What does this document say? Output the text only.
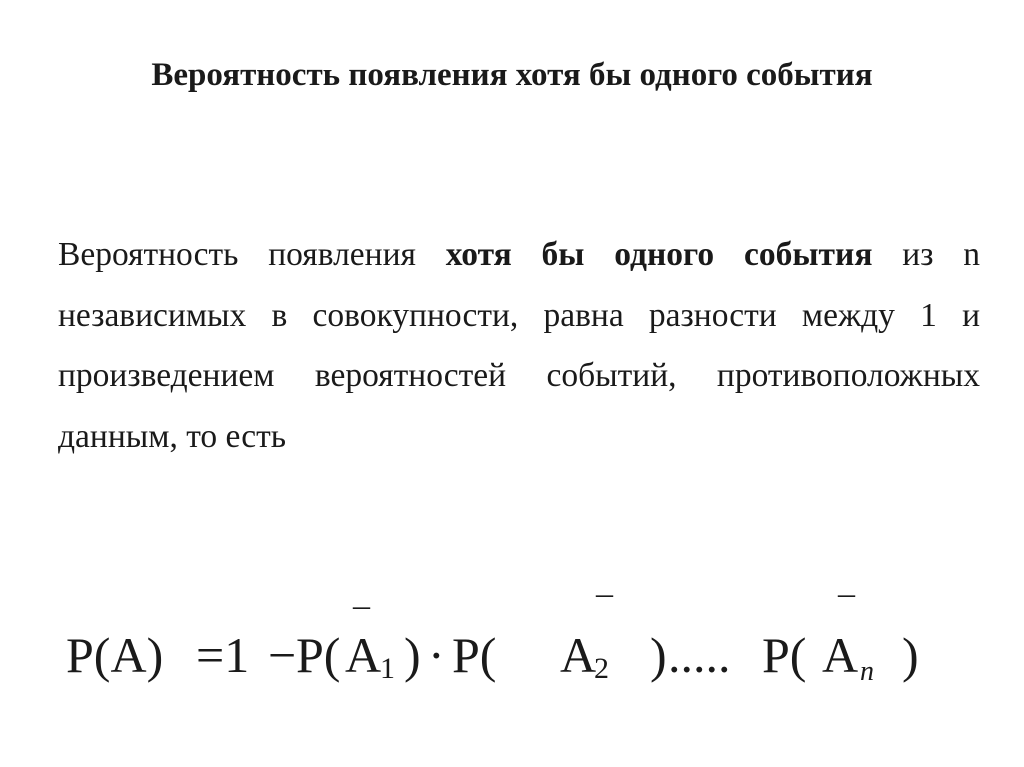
Вероятность появления хотя бы одного события

Вероятность появления хотя бы одного события из n независимых в совокупности, равна разности между 1 и произведением вероятностей событий, противоположных данным, то есть

P(A) =1 − P(
–
A
1 ) · P(
–
A
2 ) ..... P(
–
A n )
